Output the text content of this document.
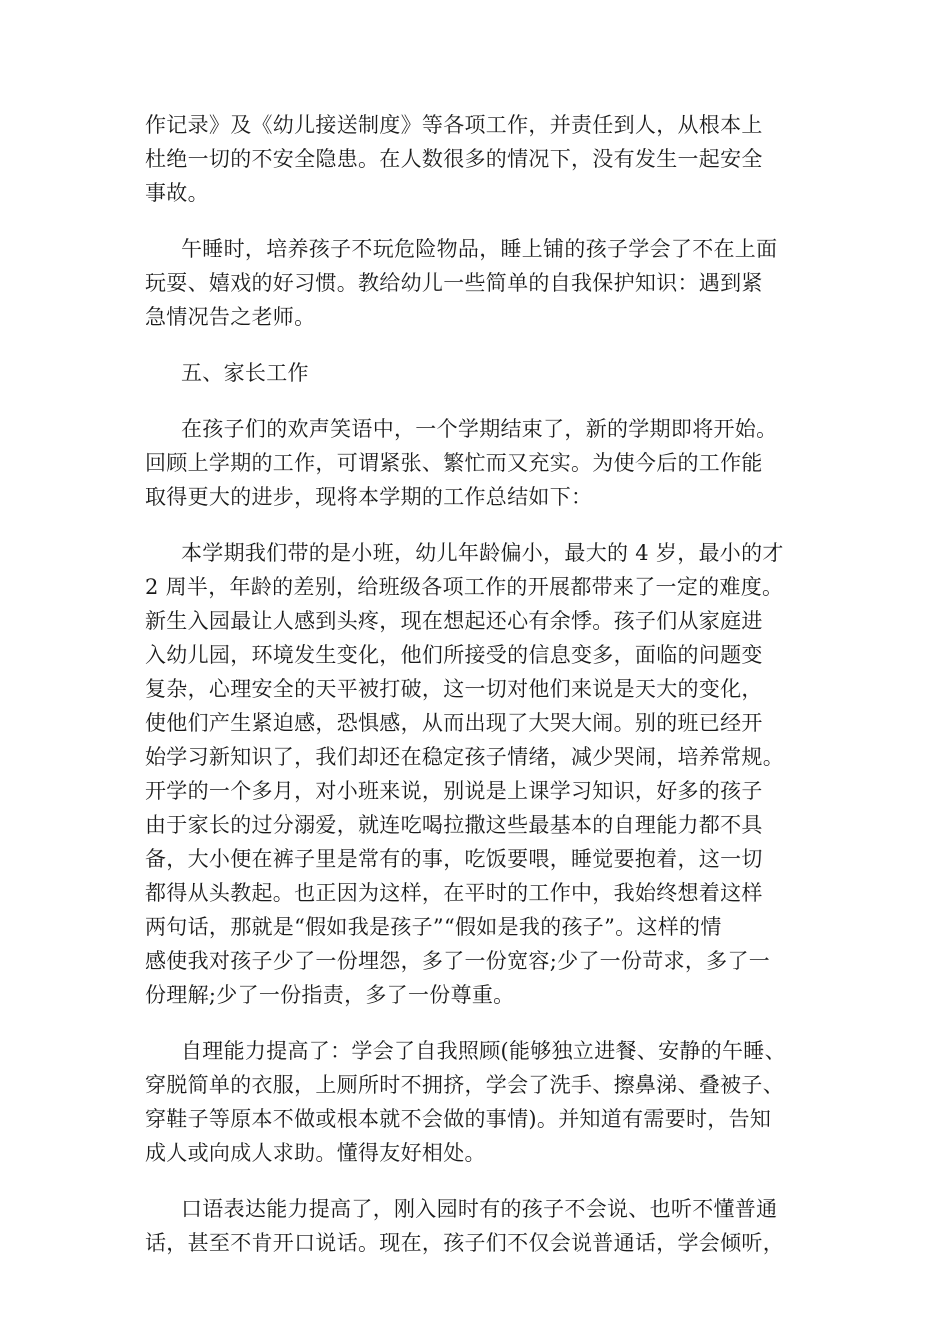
作记录》及《幼儿接送制度》等各项工作，并责任到人，从根本上
杜绝一切的不安全隐患。在人数很多的情况下，没有发生一起安全
事故。
午睡时，培养孩子不玩危险物品，睡上铺的孩子学会了不在上面
玩耍、嬉戏的好习惯。教给幼儿一些简单的自我保护知识：遇到紧
急情况告之老师。
五、家长工作
在孩子们的欢声笑语中，一个学期结束了，新的学期即将开始。
回顾上学期的工作，可谓紧张、繁忙而又充实。为使今后的工作能
取得更大的进步，现将本学期的工作总结如下：
本学期我们带的是小班，幼儿年龄偏小，最大的 4 岁，最小的才
2 周半，年龄的差别，给班级各项工作的开展都带来了一定的难度。
新生入园最让人感到头疼，现在想起还心有余悸。孩子们从家庭进
入幼儿园，环境发生变化，他们所接受的信息变多，面临的问题变
复杂，心理安全的天平被打破，这一切对他们来说是天大的变化，
使他们产生紧迫感，恐惧感，从而出现了大哭大闹。别的班已经开
始学习新知识了，我们却还在稳定孩子情绪，减少哭闹，培养常规。
开学的一个多月，对小班来说，别说是上课学习知识，好多的孩子
由于家长的过分溺爱，就连吃喝拉撒这些最基本的自理能力都不具
备，大小便在裤子里是常有的事，吃饭要喂，睡觉要抱着，这一切
都得从头教起。也正因为这样，在平时的工作中，我始终想着这样
两句话，那就是“假如我是孩子”“假如是我的孩子”。这样的情
感使我对孩子少了一份埋怨，多了一份宽容;少了一份苛求，多了一
份理解;少了一份指责，多了一份尊重。
自理能力提高了：学会了自我照顾(能够独立进餐、安静的午睡、
穿脱简单的衣服，上厕所时不拥挤，学会了洗手、擦鼻涕、叠被子、
穿鞋子等原本不做或根本就不会做的事情)。并知道有需要时，告知
成人或向成人求助。懂得友好相处。
口语表达能力提高了，刚入园时有的孩子不会说、也听不懂普通
话，甚至不肯开口说话。现在，孩子们不仅会说普通话，学会倾听，
